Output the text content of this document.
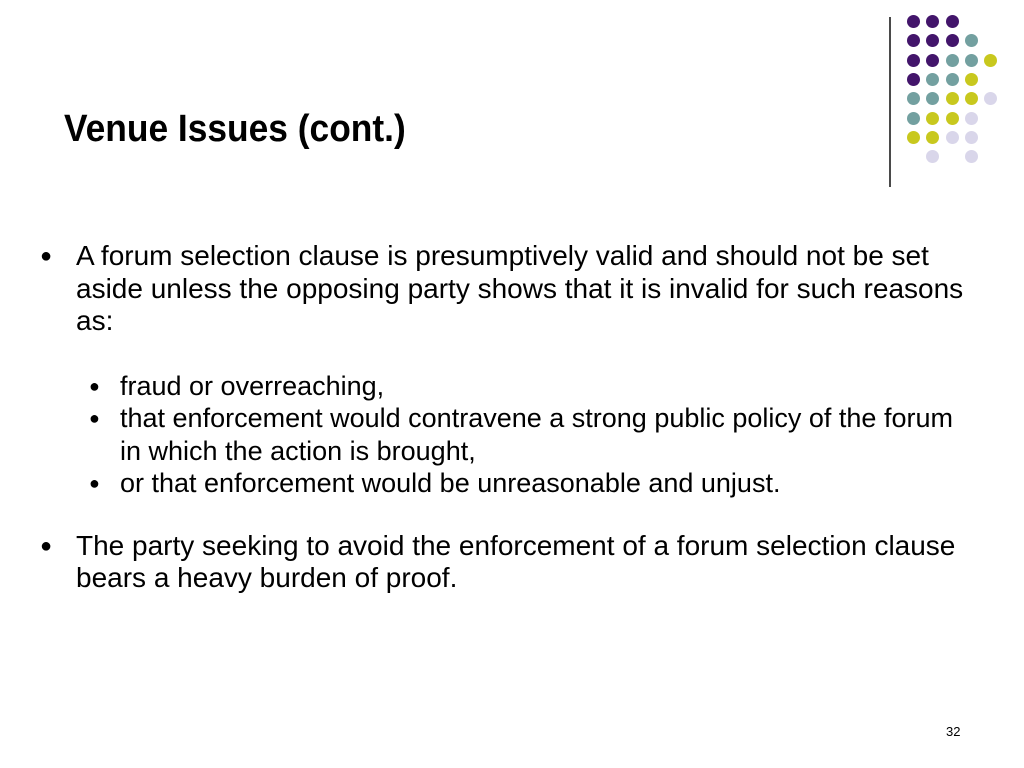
Venue Issues (cont.)
● A forum selection clause is presumptively valid and should not be set aside unless the opposing party shows that it is invalid for such reasons as:
● fraud or overreaching,
● that enforcement would contravene a strong public policy of the forum in which the action is brought,
● or that enforcement would be unreasonable and unjust.
● The party seeking to avoid the enforcement of a forum selection clause bears a heavy burden of proof.
32
